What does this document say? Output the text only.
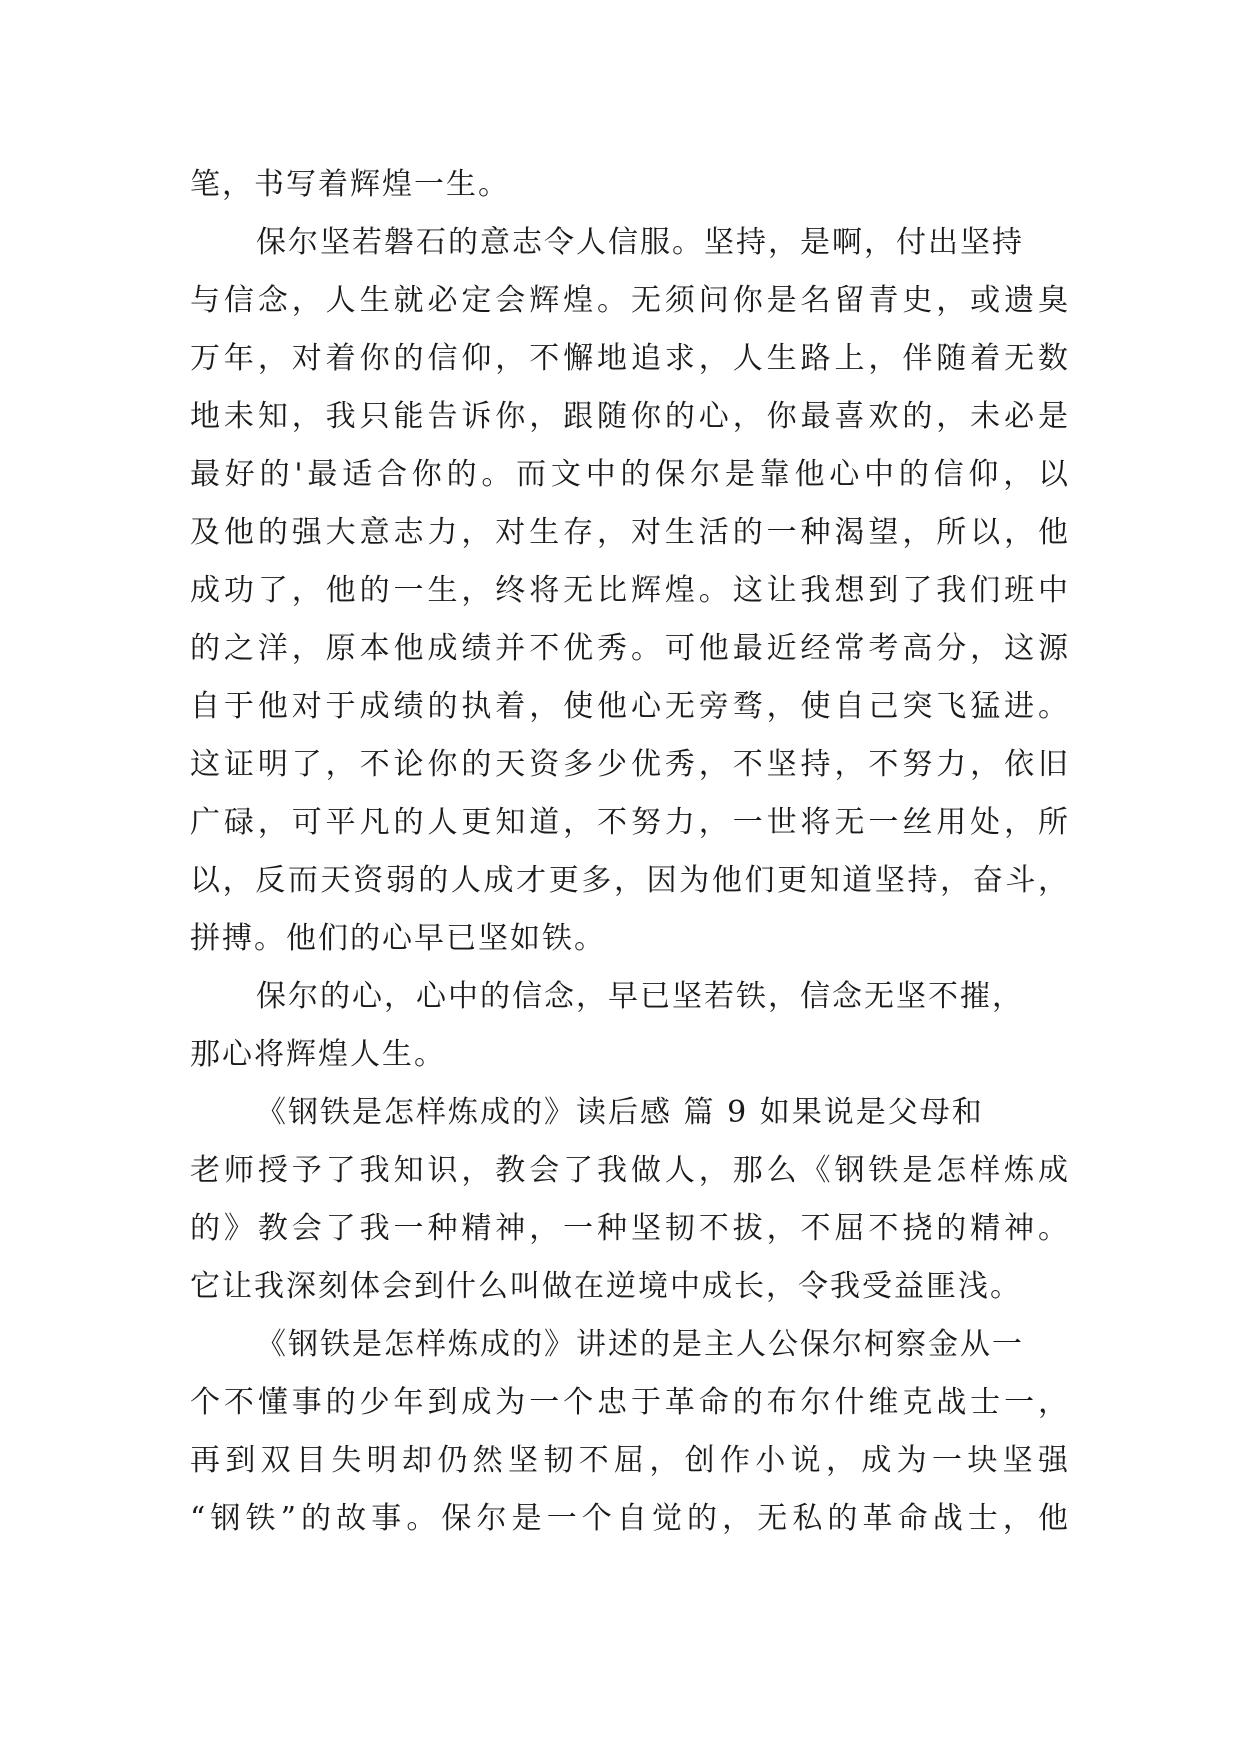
笔，书写着辉煌一生。
保尔坚若磐石的意志令人信服。坚持，是啊，付出坚持
与信念，人生就必定会辉煌。无须问你是名留青史，或遗臭
万年，对着你的信仰，不懈地追求，人生路上，伴随着无数
地未知，我只能告诉你，跟随你的心，你最喜欢的，未必是
最好的'最适合你的。而文中的保尔是靠他心中的信仰，以
及他的强大意志力，对生存，对生活的一种渴望，所以，他
成功了，他的一生，终将无比辉煌。这让我想到了我们班中
的之洋，原本他成绩并不优秀。可他最近经常考高分，这源
自于他对于成绩的执着，使他心无旁骛，使自己突飞猛进。
这证明了，不论你的天资多少优秀，不坚持，不努力，依旧
广碌，可平凡的人更知道，不努力，一世将无一丝用处，所
以，反而天资弱的人成才更多，因为他们更知道坚持，奋斗，
拼搏。他们的心早已坚如铁。
保尔的心，心中的信念，早已坚若铁，信念无坚不摧，
那心将辉煌人生。
《钢铁是怎样炼成的》读后感 篇 9 如果说是父母和
老师授予了我知识，教会了我做人，那么《钢铁是怎样炼成
的》教会了我一种精神，一种坚韧不拔，不屈不挠的精神。
它让我深刻体会到什么叫做在逆境中成长，令我受益匪浅。
《钢铁是怎样炼成的》讲述的是主人公保尔柯察金从一
个不懂事的少年到成为一个忠于革命的布尔什维克战士一，
再到双目失明却仍然坚韧不屈，创作小说，成为一块坚强
“钢铁”的故事。保尔是一个自觉的，无私的革命战士，他
